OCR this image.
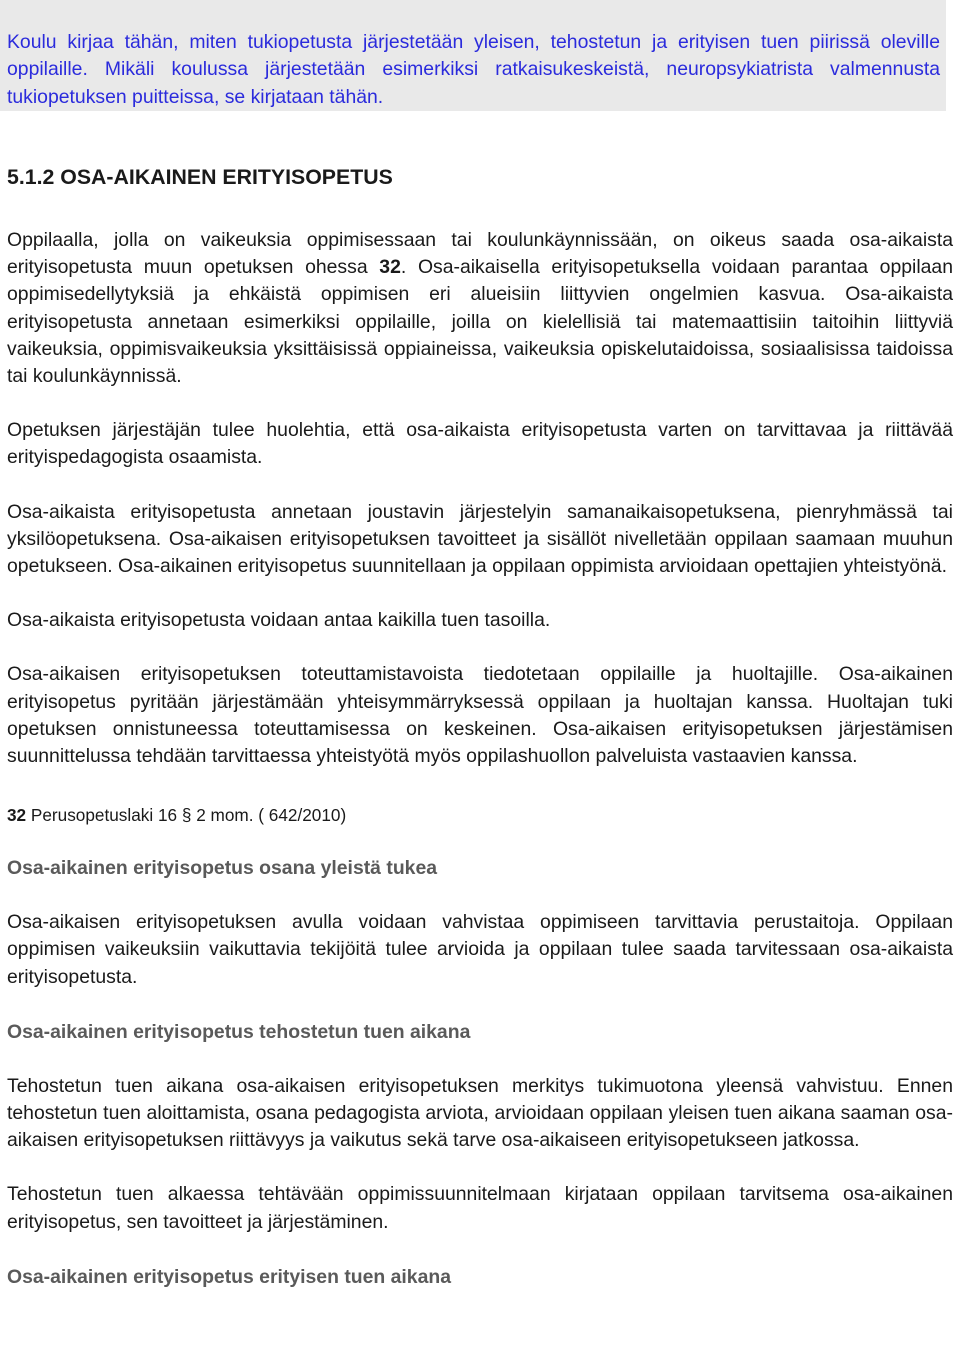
Koulu kirjaa tähän, miten tukiopetusta järjestetään yleisen, tehostetun ja erityisen tuen piirissä oleville oppilaille. Mikäli koulussa järjestetään esimerkiksi ratkaisukeskeistä, neuropsykiatrista valmennusta tukiopetuksen puitteissa, se kirjataan tähän.
5.1.2 OSA-AIKAINEN ERITYISOPETUS

Oppilaalla, jolla on vaikeuksia oppimisessaan tai koulunkäynnissään, on oikeus saada osa-aikaista erityisopetusta muun opetuksen ohessa 32. Osa-aikaisella erityisopetuksella voidaan parantaa oppilaan oppimisedellytyksiä ja ehkäistä oppimisen eri alueisiin liittyvien ongelmien kasvua. Osa-aikaista erityisopetusta annetaan esimerkiksi oppilaille, joilla on kielellisiä tai matemaattisiin taitoihin liittyviä vaikeuksia, oppimisvaikeuksia yksittäisissä oppiaineissa, vaikeuksia opiskelutaidoissa, sosiaalisissa taidoissa tai koulunkäynnissä.

Opetuksen järjestäjän tulee huolehtia, että osa-aikaista erityisopetusta varten on tarvittavaa ja riittävää erityispedagogista osaamista.

Osa-aikaista erityisopetusta annetaan joustavin järjestelyin samanaikaisopetuksena, pienryhmässä tai yksilöopetuksena. Osa-aikaisen erityisopetuksen tavoitteet ja sisällöt nivelletään oppilaan saamaan muuhun opetukseen. Osa-aikainen erityisopetus suunnitellaan ja oppilaan oppimista arvioidaan opettajien yhteistyönä.

Osa-aikaista erityisopetusta voidaan antaa kaikilla tuen tasoilla.

Osa-aikaisen erityisopetuksen toteuttamistavoista tiedotetaan oppilaille ja huoltajille. Osa-aikainen erityisopetus pyritään järjestämään yhteisymmärryksessä oppilaan ja huoltajan kanssa. Huoltajan tuki opetuksen onnistuneessa toteuttamisessa on keskeinen. Osa-aikaisen erityisopetuksen järjestämisen suunnittelussa tehdään tarvittaessa yhteistyötä myös oppilashuollon palveluista vastaavien kanssa.

32 Perusopetuslaki 16 § 2 mom. ( 642/2010)
Osa-aikainen erityisopetus osana yleistä tukea

Osa-aikaisen erityisopetuksen avulla voidaan vahvistaa oppimiseen tarvittavia perustaitoja. Oppilaan oppimisen vaikeuksiin vaikuttavia tekijöitä tulee arvioida ja oppilaan tulee saada tarvitessaan osa-aikaista erityisopetusta.

Osa-aikainen erityisopetus tehostetun tuen aikana

Tehostetun tuen aikana osa-aikaisen erityisopetuksen merkitys tukimuotona yleensä vahvistuu. Ennen tehostetun tuen aloittamista, osana pedagogista arviota, arvioidaan oppilaan yleisen tuen aikana saaman osa-aikaisen erityisopetuksen riittävyys ja vaikutus sekä tarve osa-aikaiseen erityisopetukseen jatkossa.

Tehostetun tuen alkaessa tehtävään oppimissuunnitelmaan kirjataan oppilaan tarvitsema osa-aikainen erityisopetus, sen tavoitteet ja järjestäminen.

Osa-aikainen erityisopetus erityisen tuen aikana
